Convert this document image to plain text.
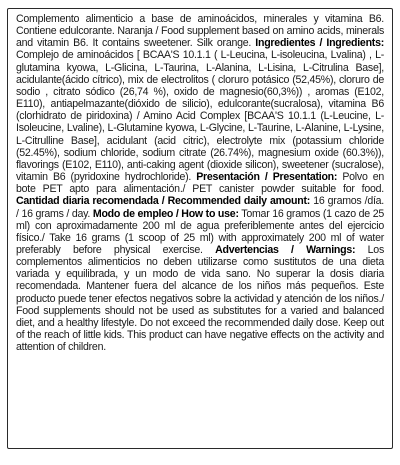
Complemento alimenticio a base de aminoácidos, minerales y vitamina B6. Contiene edulcorante. Naranja / Food supplement based on amino acids, minerals and vitamin B6. It contains sweetener. Silk orange. Ingredientes / Ingredients: Complejo de aminoácidos [ BCAA'S 10.1.1 ( L-Leucina, L-isoleucina, Lvalina) , L-glutamina kyowa, L-Glicina, L-Taurina, L-Alanina, L-Lisina, L-Citrulina Base], acidulante(ácido cítrico), mix de electrolitos ( cloruro potásico (52,45%), cloruro de sodio , citrato sódico (26,74 %), oxido de magnesio(60,3%)) , aromas (E102, E110), antiapelmazante(dióxido de silicio), edulcorante(sucralosa), vitamina B6 (clorhidrato de piridoxina) / Amino Acid Complex [BCAA'S 10.1.1 (L-Leucine, L-Isoleucine, Lvaline), L-Glutamine kyowa, L-Glycine, L-Taurine, L-Alanine, L-Lysine, L-Citrulline Base], acidulant (acid citric), electrolyte mix (potassium chloride (52.45%), sodium chloride, sodium citrate (26.74%), magnesium oxide (60.3%)), flavorings (E102, E110), anti-caking agent (dioxide silicon), sweetener (sucralose), vitamin B6 (pyridoxine hydrochloride). Presentación / Presentation: Polvo en bote PET apto para alimentación./ PET canister powder suitable for food. Cantidad diaria recomendada / Recommended daily amount: 16 gramos /día. / 16 grams / day. Modo de empleo / How to use: Tomar 16 gramos (1 cazo de 25 ml) con aproximadamente 200 ml de agua preferiblemente antes del ejercicio físico./ Take 16 grams (1 scoop of 25 ml) with approximately 200 ml of water preferably before physical exercise. Advertencias / Warnings: Los complementos alimenticios no deben utilizarse como sustitutos de una dieta variada y equilibrada, y un modo de vida sano. No superar la dosis diaria recomendada. Mantener fuera del alcance de los niños más pequeños. Este producto puede tener efectos negativos sobre la actividad y atención de los niños./ Food supplements should not be used as substitutes for a varied and balanced diet, and a healthy lifestyle. Do not exceed the recommended daily dose. Keep out of the reach of little kids. This product can have negative effects on the activity and attention of children.
